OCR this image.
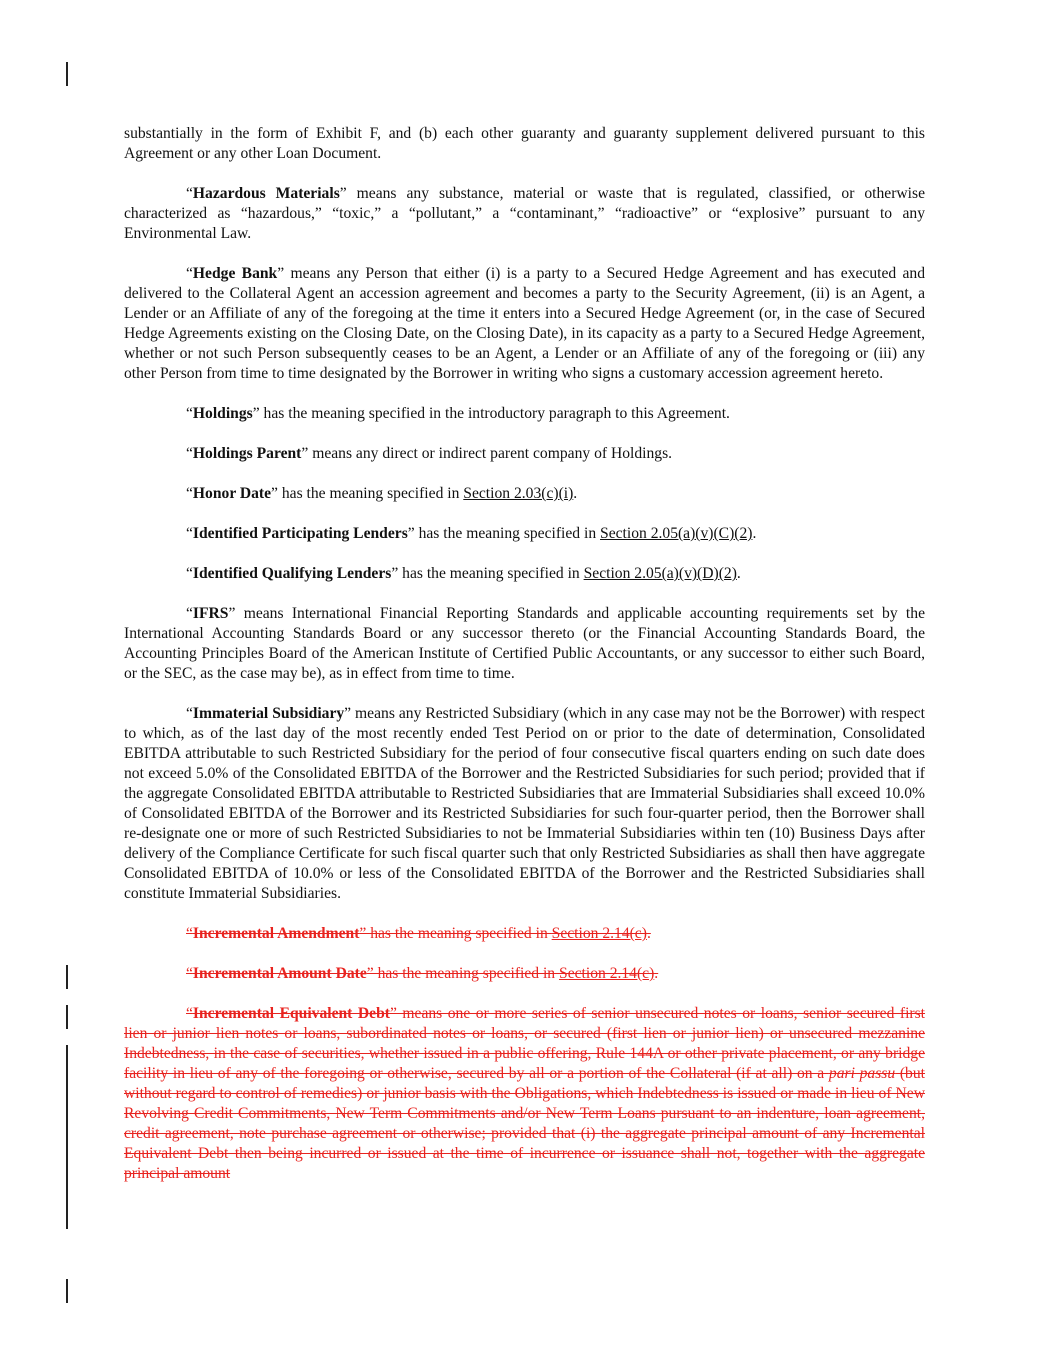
substantially in the form of Exhibit F, and (b) each other guaranty and guaranty supplement delivered pursuant to this Agreement or any other Loan Document.

“Hazardous Materials” means any substance, material or waste that is regulated, classified, or otherwise characterized as “hazardous,” “toxic,” a “pollutant,” a “contaminant,” “radioactive” or “explosive” pursuant to any Environmental Law.

“Hedge Bank” means any Person that either (i) is a party to a Secured Hedge Agreement and has executed and delivered to the Collateral Agent an accession agreement and becomes a party to the Security Agreement, (ii) is an Agent, a Lender or an Affiliate of any of the foregoing at the time it enters into a Secured Hedge Agreement (or, in the case of Secured Hedge Agreements existing on the Closing Date, on the Closing Date), in its capacity as a party to a Secured Hedge Agreement, whether or not such Person subsequently ceases to be an Agent, a Lender or an Affiliate of any of the foregoing or (iii) any other Person from time to time designated by the Borrower in writing who signs a customary accession agreement hereto.

“Holdings” has the meaning specified in the introductory paragraph to this Agreement.

“Holdings Parent” means any direct or indirect parent company of Holdings.

“Honor Date” has the meaning specified in Section 2.03(c)(i).

“Identified Participating Lenders” has the meaning specified in Section 2.05(a)(v)(C)(2).

“Identified Qualifying Lenders” has the meaning specified in Section 2.05(a)(v)(D)(2).

“IFRS” means International Financial Reporting Standards and applicable accounting requirements set by the International Accounting Standards Board or any successor thereto (or the Financial Accounting Standards Board, the Accounting Principles Board of the American Institute of Certified Public Accountants, or any successor to either such Board, or the SEC, as the case may be), as in effect from time to time.

“Immaterial Subsidiary” means any Restricted Subsidiary (which in any case may not be the Borrower) with respect to which, as of the last day of the most recently ended Test Period on or prior to the date of determination, Consolidated EBITDA attributable to such Restricted Subsidiary for the period of four consecutive fiscal quarters ending on such date does not exceed 5.0% of the Consolidated EBITDA of the Borrower and the Restricted Subsidiaries for such period; provided that if the aggregate Consolidated EBITDA attributable to Restricted Subsidiaries that are Immaterial Subsidiaries shall exceed 10.0% of Consolidated EBITDA of the Borrower and its Restricted Subsidiaries for such four-quarter period, then the Borrower shall re-designate one or more of such Restricted Subsidiaries to not be Immaterial Subsidiaries within ten (10) Business Days after delivery of the Compliance Certificate for such fiscal quarter such that only Restricted Subsidiaries as shall then have aggregate Consolidated EBITDA of 10.0% or less of the Consolidated EBITDA of the Borrower and the Restricted Subsidiaries shall constitute Immaterial Subsidiaries.

“Incremental Amendment” has the meaning specified in Section 2.14(c).

“Incremental Amount Date” has the meaning specified in Section 2.14(c).

“Incremental Equivalent Debt” means one or more series of senior unsecured notes or loans, senior secured first lien or junior lien notes or loans, subordinated notes or loans, or secured (first lien or junior lien) or unsecured mezzanine Indebtedness, in the case of securities, whether issued in a public offering, Rule 144A or other private placement, or any bridge facility in lieu of any of the foregoing or otherwise, secured by all or a portion of the Collateral (if at all) on a pari passu (but without regard to control of remedies) or junior basis with the Obligations, which Indebtedness is issued or made in lieu of New Revolving Credit Commitments, New Term Commitments and/or New Term Loans pursuant to an indenture, loan agreement, credit agreement, note purchase agreement or otherwise; provided that (i) the aggregate principal amount of any Incremental Equivalent Debt then being incurred or issued at the time of incurrence or issuance shall not, together with the aggregate principal amount
